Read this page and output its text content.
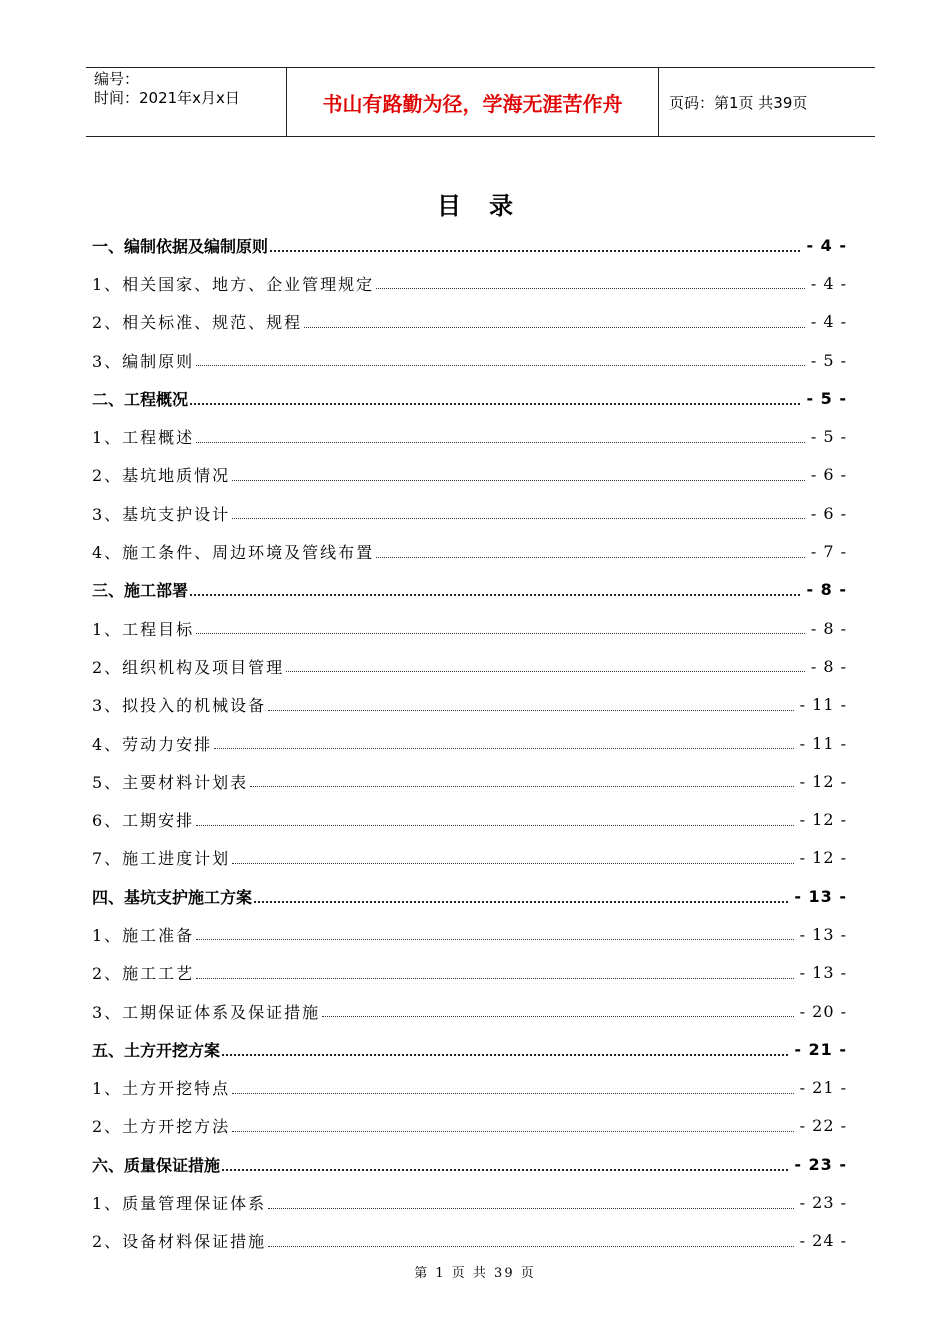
编号：
时间：2021年x月x日	书山有路勤为径，学海无涯苦作舟	页码：第1页 共39页
目录
一、编制依据及编制原则	- 4 -
1、相关国家、地方、企业管理规定	- 4 -
2、相关标准、规范、规程	- 4 -
3、编制原则	- 5 -
二、工程概况	- 5 -
1、工程概述	- 5 -
2、基坑地质情况	- 6 -
3、基坑支护设计	- 6 -
4、施工条件、周边环境及管线布置	- 7 -
三、施工部署	- 8 -
1、工程目标	- 8 -
2、组织机构及项目管理	- 8 -
3、拟投入的机械设备	- 11 -
4、劳动力安排	- 11 -
5、主要材料计划表	- 12 -
6、工期安排	- 12 -
7、施工进度计划	- 12 -
四、基坑支护施工方案	- 13 -
1、施工准备	- 13 -
2、施工工艺	- 13 -
3、工期保证体系及保证措施	- 20 -
五、土方开挖方案	- 21 -
1、土方开挖特点	- 21 -
2、土方开挖方法	- 22 -
六、质量保证措施	- 23 -
1、质量管理保证体系	- 23 -
2、设备材料保证措施	- 24 -
第 1 页 共 39 页
